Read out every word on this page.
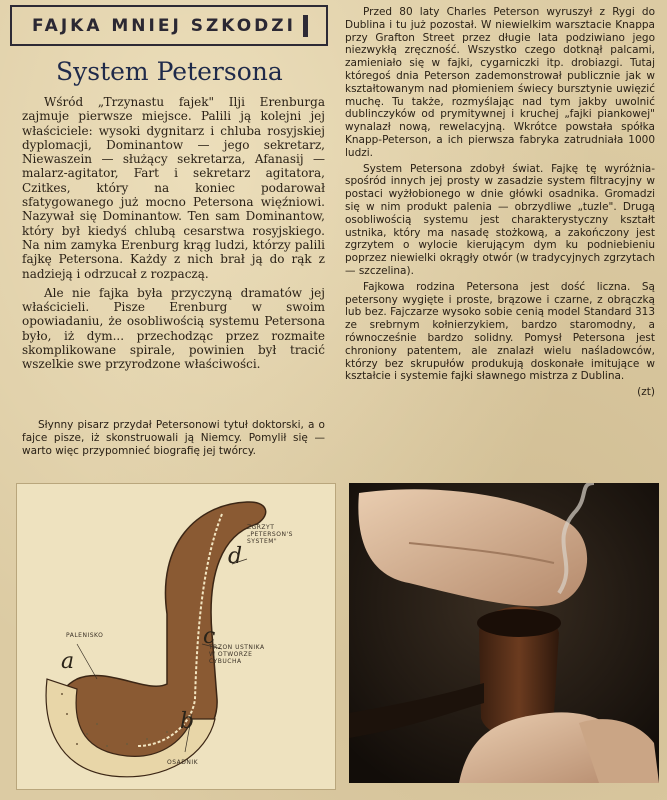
FAJKA MNIEJ SZKODZI
System Petersona

Wśród „Trzynastu fajek" Ilji Erenburga zajmuje pierwsze miejsce. Palili ją kolejni jej właściciele: wysoki dygnitarz i chluba rosyjskiej dyplomacji, Dominantow — jego sekretarz, Niewaszein — służący sekretarza, Afanasij — malarz-agitator, Fart i sekretarz agitatora, Czitkes, który na koniec podarował sfatygowanego już mocno Petersona więźniowi. Nazywał się Dominantow. Ten sam Dominantow, który był kiedyś chlubą cesarstwa rosyjskiego. Na nim zamyka Erenburg krąg ludzi, którzy palili fajkę Petersona. Każdy z nich brał ją do rąk z nadzieją i odrzucał z rozpaczą.

Ale nie fajka była przyczyną dramatów jej właścicieli. Pisze Erenburg w swoim opowiadaniu, że osobliwością systemu Petersona było, iż dym... przechodząc przez rozmaite skomplikowane spirale, powinien był tracić wszelkie swe przyrodzone właściwości.

Słynny pisarz przydał Petersonowi tytuł doktorski, a o fajce pisze, iż skonstruowali ją Niemcy. Pomylił się — warto więc przypomnieć biografię jej twórcy.

Przed 80 laty Charles Peterson wyruszył z Rygi do Dublina i tu już pozostał. W niewielkim warsztacie Knappa przy Grafton Street przez długie lata podziwiano jego niezwykłą zręczność. Wszystko czego dotknął palcami, zamieniało się w fajki, cygarniczki itp. drobiazgi. Tutaj któregoś dnia Peterson zademonstrował publicznie jak w kształtowanym nad płomieniem świecy bursztynie uwięzić muchę. Tu także, rozmyślając nad tym jakby uwolnić dublinczyków od prymitywnej i kruchej „fajki piankowej" wynalazł nową, rewelacyjną. Wkrótce powstała spółka Knapp-Peterson, a ich pierwsza fabryka zatrudniała 1000 ludzi.

System Petersona zdobył świat. Fajkę tę wyróżnia-spośród innych jej prosty w zasadzie system filtracyjny w postaci wyżłobionego w dnie główki osadnika. Gromadzi się w nim produkt palenia — obrzydliwe „tuzle". Drugą osobliwością systemu jest charakterystyczny kształt ustnika, który ma nasadę stożkową, a zakończony jest zgrzytem o wylocie kierującym dym ku podniebieniu poprzez niewielki okrągły otwór (w tradycyjnych zgrzytach — szczelina).

Fajkowa rodzina Petersona jest dość liczna. Są petersony wygięte i proste, brązowe i czarne, z obrączką lub bez. Fajczarze wysoko sobie cenią model Standard 313 ze srebrnym kołnierzykiem, bardzo staromodny, a równocześnie bardzo solidny. Pomysł Petersona jest chroniony patentem, ale znalazł wielu naśladowców, którzy bez skrupułów produkują doskonałe imitujące w kształcie i systemie fajki sławnego mistrza z Dublina.

(zt)
PALENISKO
ZGRZYT
„PETERSON'S
SYSTEM"
TRZON USTNIKA
W OTWORZE
CYBUCHA
OSADNIK
a
b
c
d
